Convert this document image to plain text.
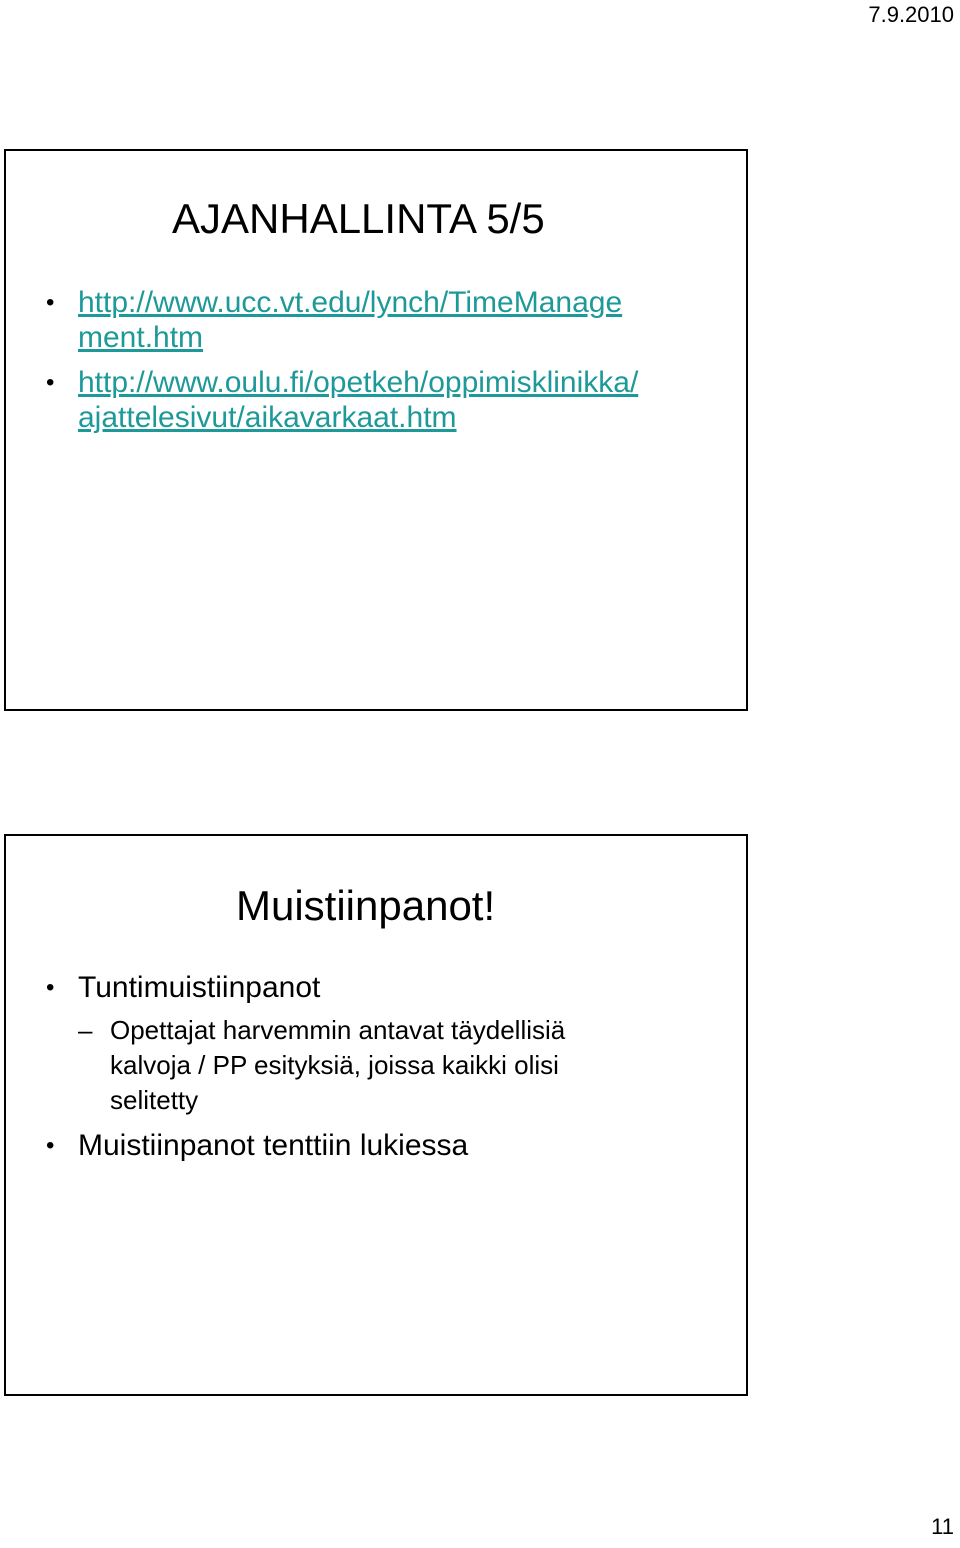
7.9.2010
AJANHALLINTA 5/5
• http://www.ucc.vt.edu/lynch/TimeManage
ment.htm
• http://www.oulu.fi/opetkeh/oppimisklinikka/
ajattelesivut/aikavarkaat.htm
Muistiinpanot!
• Tuntimuistiinpanot
– Opettajat harvemmin antavat täydellisiä
kalvoja / PP esityksiä, joissa kaikki olisi
selitetty
• Muistiinpanot tenttiin lukiessa
11
